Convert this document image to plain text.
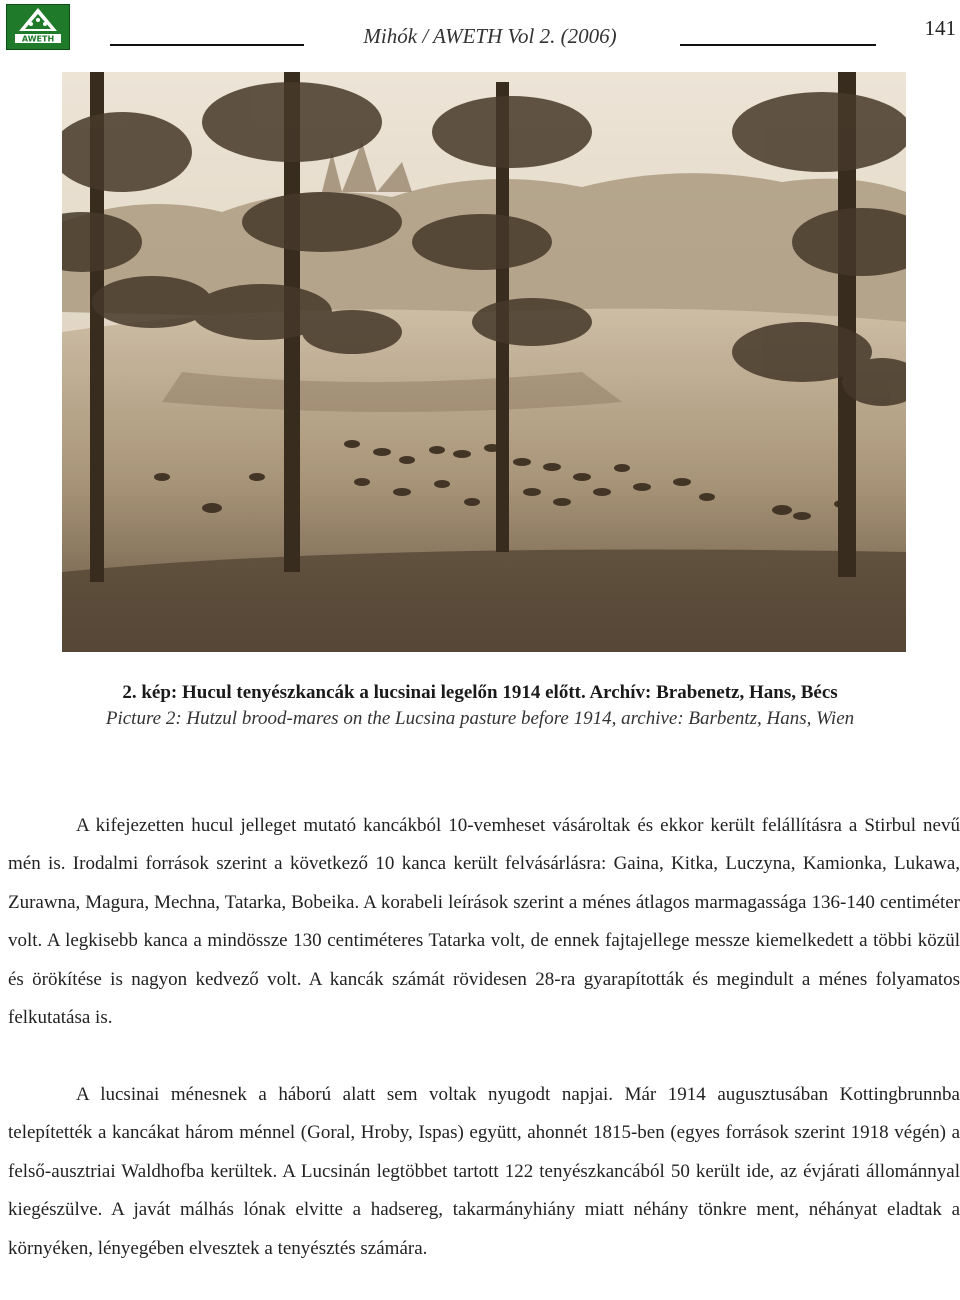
AWETH	Mihók / AWETH Vol 2. (2006)	141
2. kép: Hucul tenyészkancák a lucsinai legelőn 1914 előtt. Archív: Brabenetz, Hans, Bécs
Picture 2: Hutzul brood-mares on the Lucsina pasture before 1914, archive: Barbentz, Hans, Wien
A kifejezetten hucul jelleget mutató kancákból 10-vemheset vásároltak és ekkor került felállításra a Stirbul nevű mén is. Irodalmi források szerint a következő 10 kanca került felvásárlásra: Gaina, Kitka, Luczyna, Kamionka, Lukawa, Zurawna, Magura, Mechna, Tatarka, Bobeika. A korabeli leírások szerint a ménes átlagos marmagassága 136-140 centiméter volt. A legkisebb kanca a mindössze 130 centiméteres Tatarka volt, de ennek fajtajellege messze kiemelkedett a többi közül és örökítése is nagyon kedvező volt. A kancák számát rövidesen 28-ra gyarapították és megindult a ménes folyamatos felkutatása is.
A lucsinai ménesnek a háború alatt sem voltak nyugodt napjai. Már 1914 augusztusában Kottingbrunnba telepítették a kancákat három ménnel (Goral, Hroby, Ispas) együtt, ahonnét 1815-ben (egyes források szerint 1918 végén) a felső-ausztriai Waldhofba kerültek. A Lucsinán legtöbbet tartott 122 tenyészkancából 50 került ide, az évjárati állománnyal kiegészülve. A javát málhás lónak elvitte a hadsereg, takarmányhiány miatt néhány tönkre ment, néhányat eladtak a környéken, lényegében elvesztek a tenyésztés számára.
